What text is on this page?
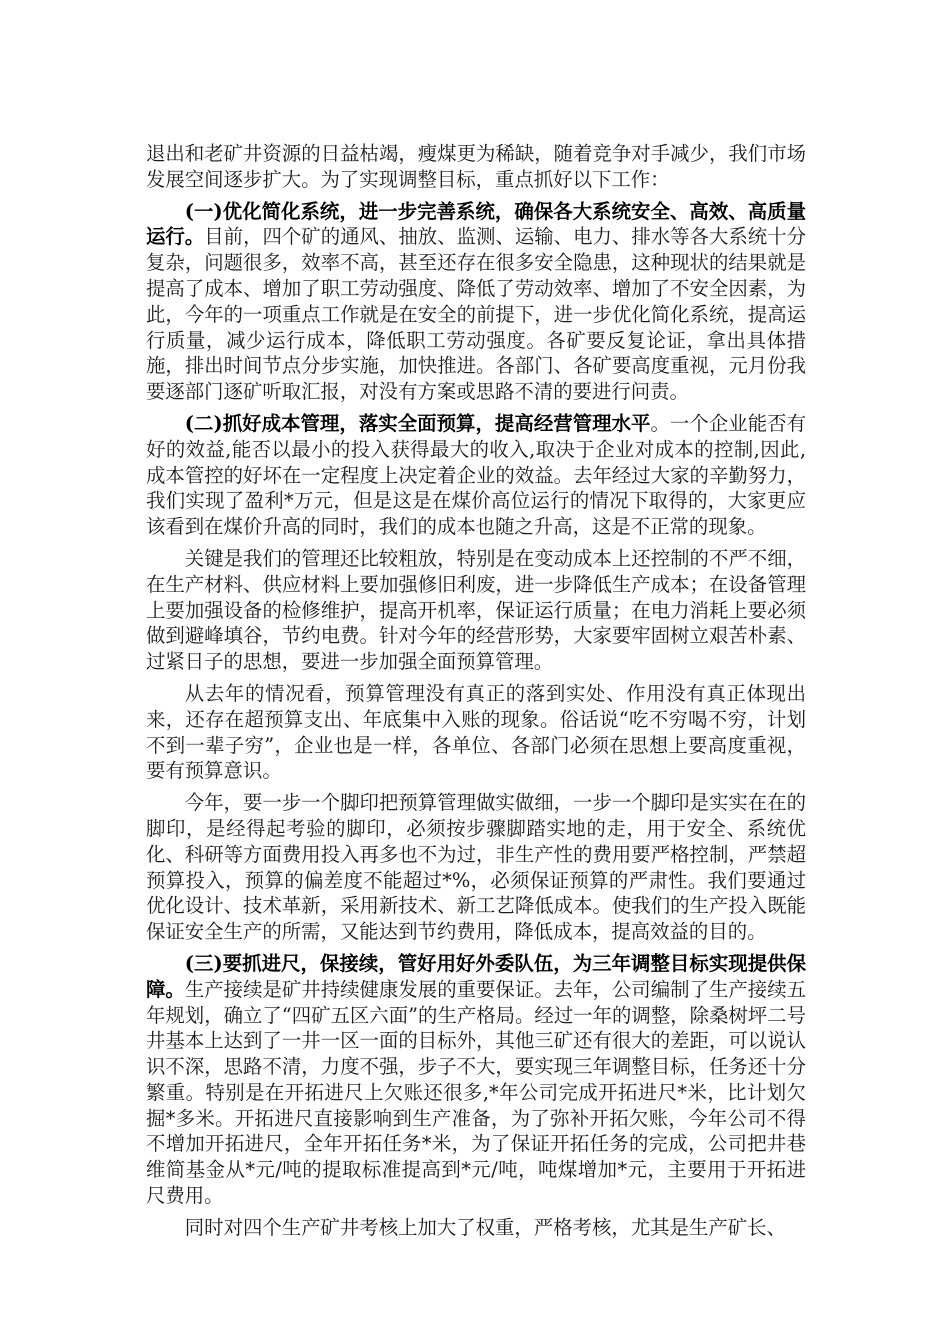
退出和老矿井资源的日益枯竭，瘦煤更为稀缺，随着竞争对手减少，我们市场发展空间逐步扩大。为了实现调整目标，重点抓好以下工作：

(一)优化简化系统，进一步完善系统，确保各大系统安全、高效、高质量运行。目前，四个矿的通风、抽放、监测、运输、电力、排水等各大系统十分复杂，问题很多，效率不高，甚至还存在很多安全隐患，这种现状的结果就是提高了成本、增加了职工劳动强度、降低了劳动效率、增加了不安全因素，为此，今年的一项重点工作就是在安全的前提下，进一步优化简化系统，提高运行质量，减少运行成本，降低职工劳动强度。各矿要反复论证，拿出具体措施，排出时间节点分步实施，加快推进。各部门、各矿要高度重视，元月份我要逐部门逐矿听取汇报，对没有方案或思路不清的要进行问责。

(二)抓好成本管理，落实全面预算，提高经营管理水平。一个企业能否有好的效益,能否以最小的投入获得最大的收入,取决于企业对成本的控制,因此,成本管控的好坏在一定程度上决定着企业的效益。去年经过大家的辛勤努力，我们实现了盈利*万元，但是这是在煤价高位运行的情况下取得的，大家更应该看到在煤价升高的同时，我们的成本也随之升高，这是不正常的现象。

关键是我们的管理还比较粗放，特别是在变动成本上还控制的不严不细，在生产材料、供应材料上要加强修旧利废，进一步降低生产成本；在设备管理上要加强设备的检修维护，提高开机率，保证运行质量；在电力消耗上要必须做到避峰填谷，节约电费。针对今年的经营形势，大家要牢固树立艰苦朴素、过紧日子的思想，要进一步加强全面预算管理。

从去年的情况看，预算管理没有真正的落到实处、作用没有真正体现出来，还存在超预算支出、年底集中入账的现象。俗话说“吃不穷喝不穷，计划不到一辈子穷”，企业也是一样，各单位、各部门必须在思想上要高度重视，要有预算意识。

今年，要一步一个脚印把预算管理做实做细，一步一个脚印是实实在在的脚印，是经得起考验的脚印，必须按步骤脚踏实地的走，用于安全、系统优化、科研等方面费用投入再多也不为过，非生产性的费用要严格控制，严禁超预算投入，预算的偏差度不能超过*%，必须保证预算的严肃性。我们要通过优化设计、技术革新，采用新技术、新工艺降低成本。使我们的生产投入既能保证安全生产的所需，又能达到节约费用，降低成本，提高效益的目的。

(三)要抓进尺，保接续，管好用好外委队伍，为三年调整目标实现提供保障。生产接续是矿井持续健康发展的重要保证。去年，公司编制了生产接续五年规划，确立了“四矿五区六面”的生产格局。经过一年的调整，除桑树坪二号井基本上达到了一井一区一面的目标外，其他三矿还有很大的差距，可以说认识不深，思路不清，力度不强，步子不大，要实现三年调整目标，任务还十分繁重。特别是在开拓进尺上欠账还很多,*年公司完成开拓进尺*米，比计划欠掘*多米。开拓进尺直接影响到生产准备，为了弥补开拓欠账，今年公司不得不增加开拓进尺，全年开拓任务*米，为了保证开拓任务的完成，公司把井巷维简基金从*元/吨的提取标准提高到*元/吨，吨煤增加*元，主要用于开拓进尺费用。

同时对四个生产矿井考核上加大了权重，严格考核，尤其是生产矿长、
